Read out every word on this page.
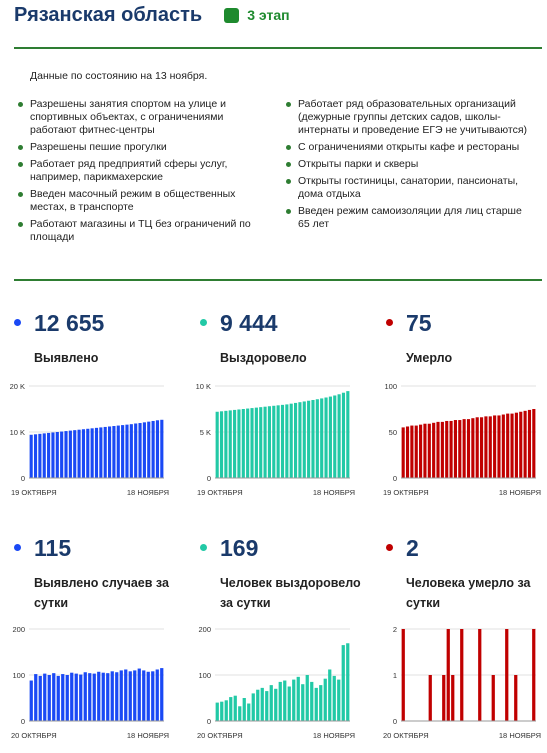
Рязанская область	3 этап
Данные по состоянию на 13 ноября.
Разрешены занятия спортом на улице и спортивных объектах, с ограничениями работают фитнес-центры
Разрешены пешие прогулки
Работает ряд предприятий сферы услуг, например, парикмахерские
Введен масочный режим в общественных местах, в транспорте
Работают магазины и ТЦ без ограничений по площади
Работает ряд образовательных организаций (дежурные группы детских садов, школы-интернаты и проведение ЕГЭ не учитываются)
С ограничениями открыты кафе и рестораны
Открыты парки и скверы
Открыты гостиницы, санатории, пансионаты, дома отдыха
Введен режим самоизоляции для лиц старше 65 лет
12 655
Выявлено
9 444
Выздоровело
75
Умерло
115
Выявлено случаев за сутки
169
Человек выздоровело за сутки
2
Человека умерло за сутки
0
10 K
20 K
19 ОКТЯБРЯ	18 НОЯБРЯ
0
5 K
10 K
19 ОКТЯБРЯ	18 НОЯБРЯ
0
50
100
19 ОКТЯБРЯ	18 НОЯБРЯ
0
100
200
20 ОКТЯБРЯ	18 НОЯБРЯ
0
100
200
20 ОКТЯБРЯ	18 НОЯБРЯ
0
1
2
20 ОКТЯБРЯ	18 НОЯБРЯ
